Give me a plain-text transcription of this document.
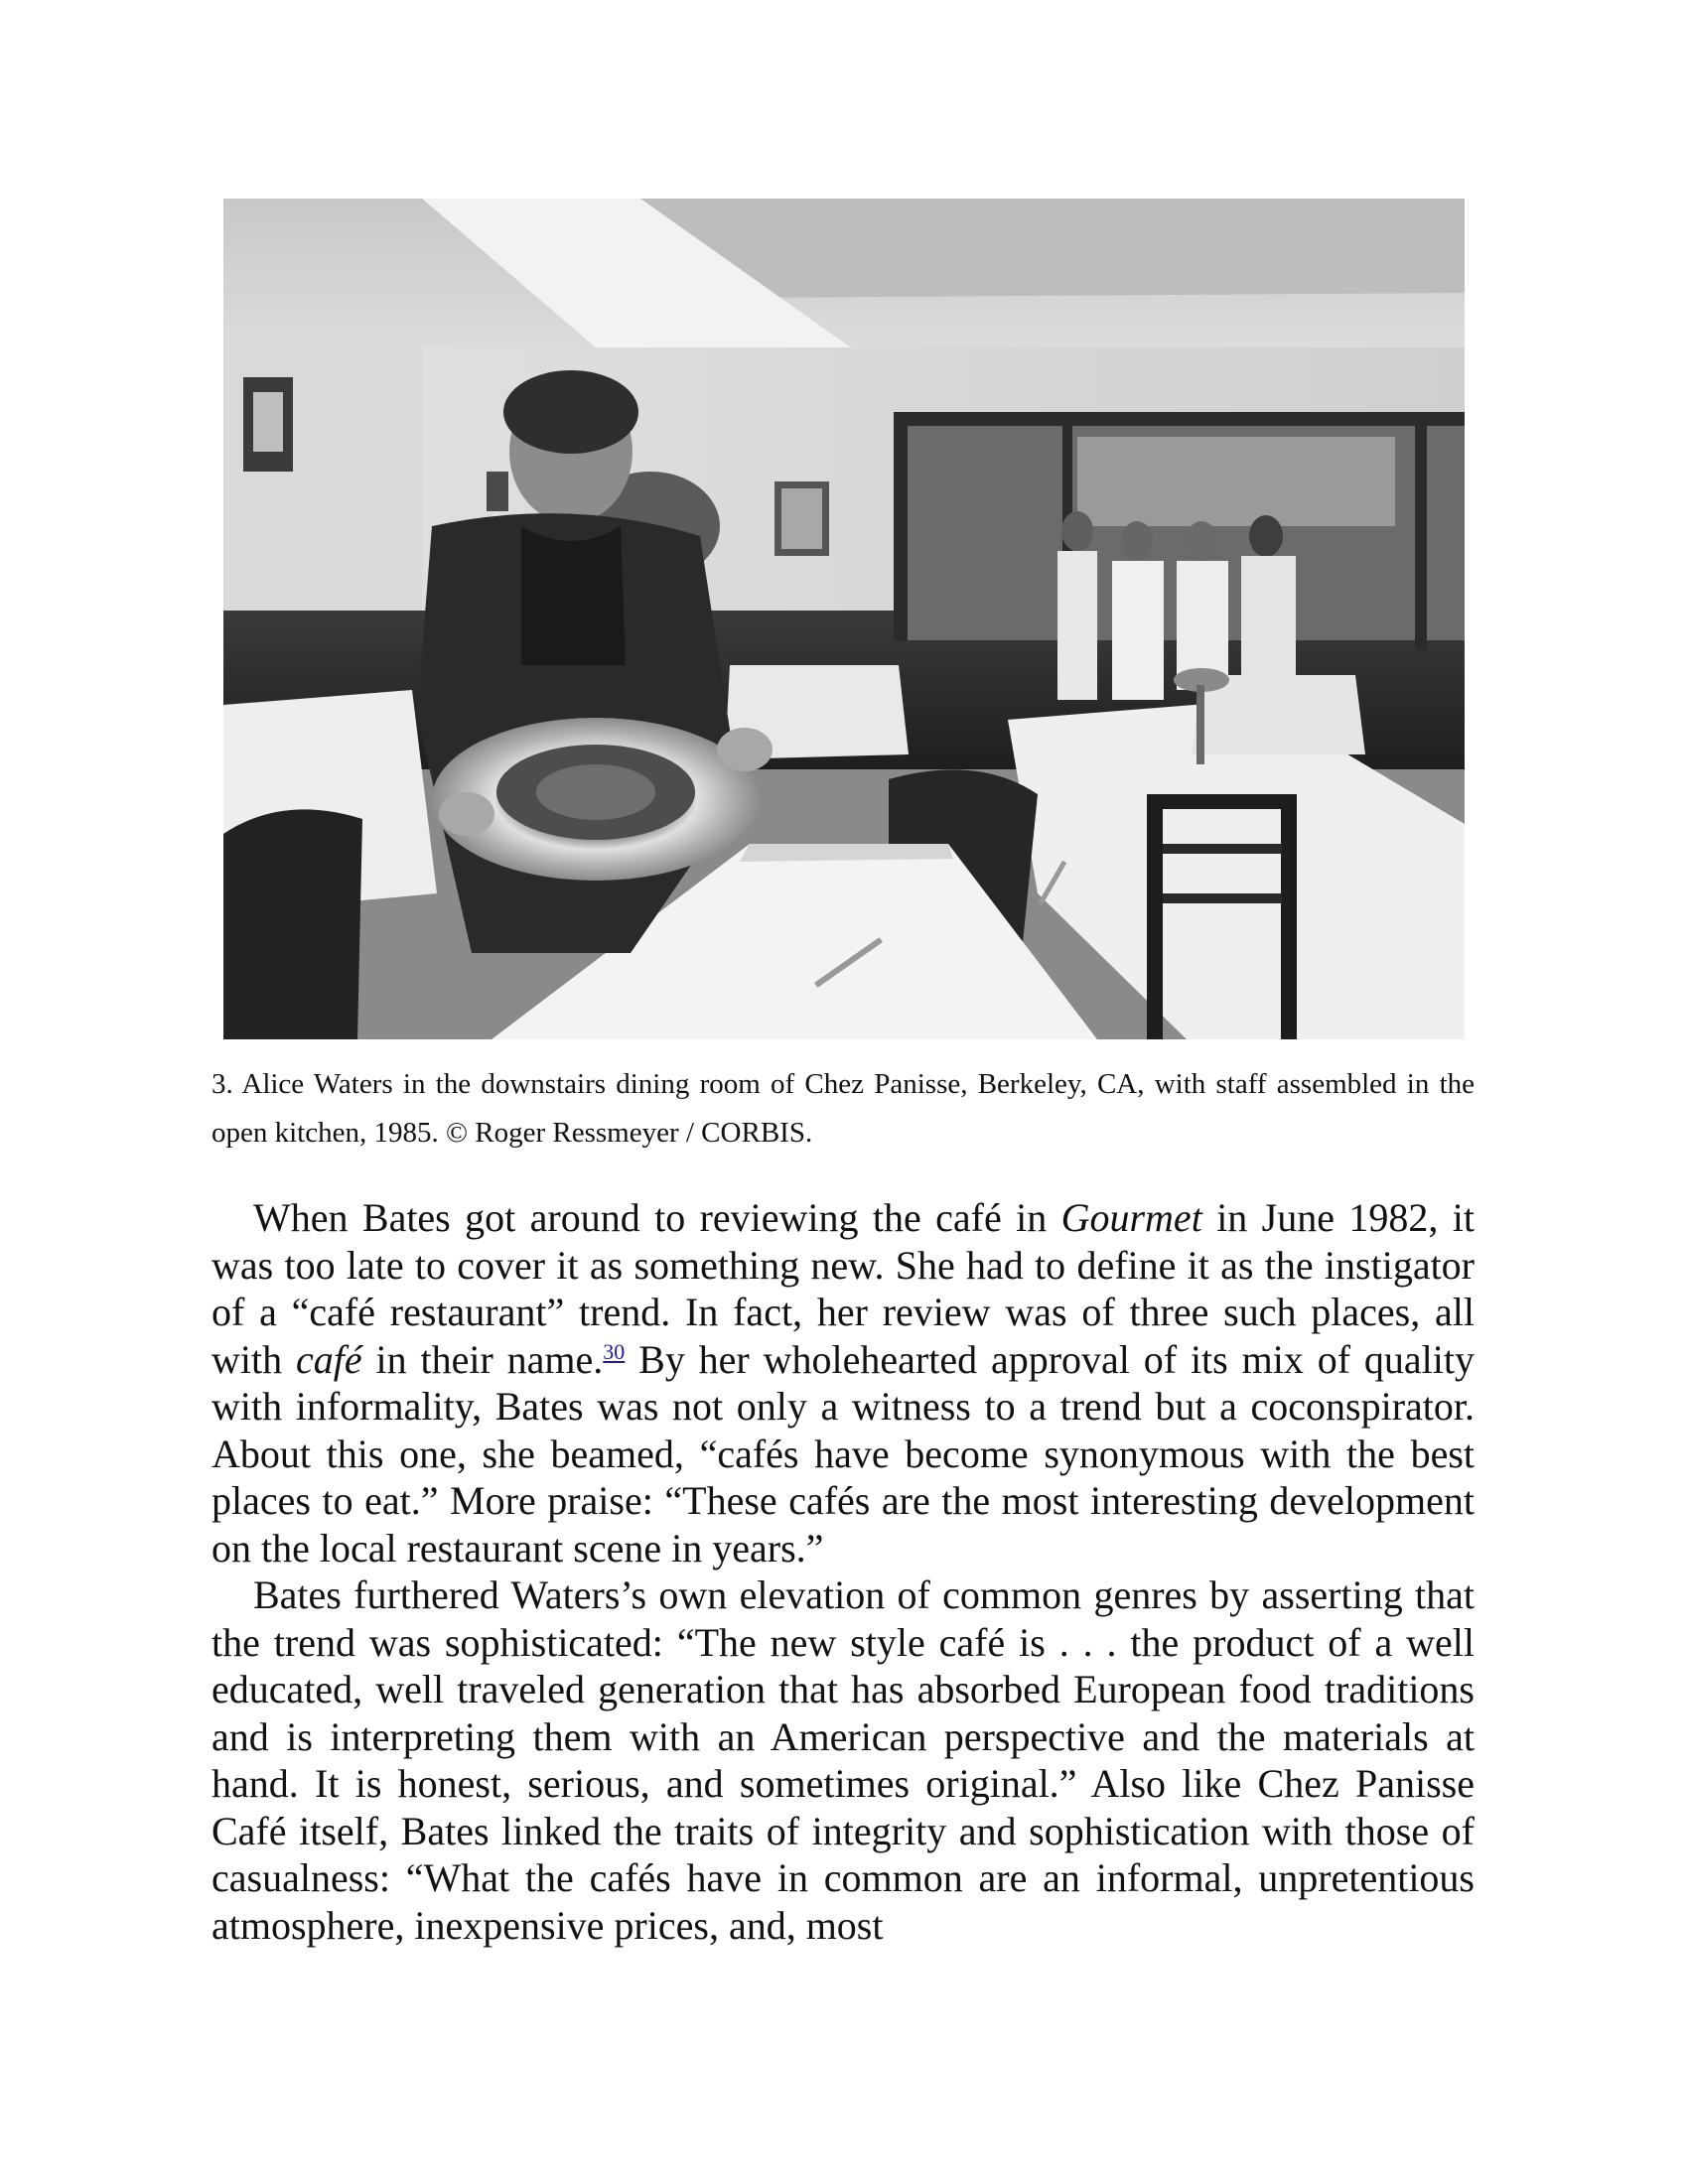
3. Alice Waters in the downstairs dining room of Chez Panisse, Berkeley, CA, with staff assembled in the open kitchen, 1985. © Roger Ressmeyer / CORBIS.

When Bates got around to reviewing the café in Gourmet in June 1982, it was too late to cover it as something new. She had to define it as the instigator of a “café restaurant” trend. In fact, her review was of three such places, all with café in their name.$^{30}$ By her wholehearted approval of its mix of quality with informality, Bates was not only a witness to a trend but a coconspirator. About this one, she beamed, “cafés have become synonymous with the best places to eat.” More praise: “These cafés are the most interesting development on the local restaurant scene in years.”

Bates furthered Waters’s own elevation of common genres by asserting that the trend was sophisticated: “The new style café is . . . the product of a well educated, well traveled generation that has absorbed European food traditions and is interpreting them with an American perspective and the materials at hand. It is honest, serious, and sometimes original.” Also like Chez Panisse Café itself, Bates linked the traits of integrity and sophistication with those of casualness: “What the cafés have in common are an informal, unpretentious atmosphere, inexpensive prices, and, most
